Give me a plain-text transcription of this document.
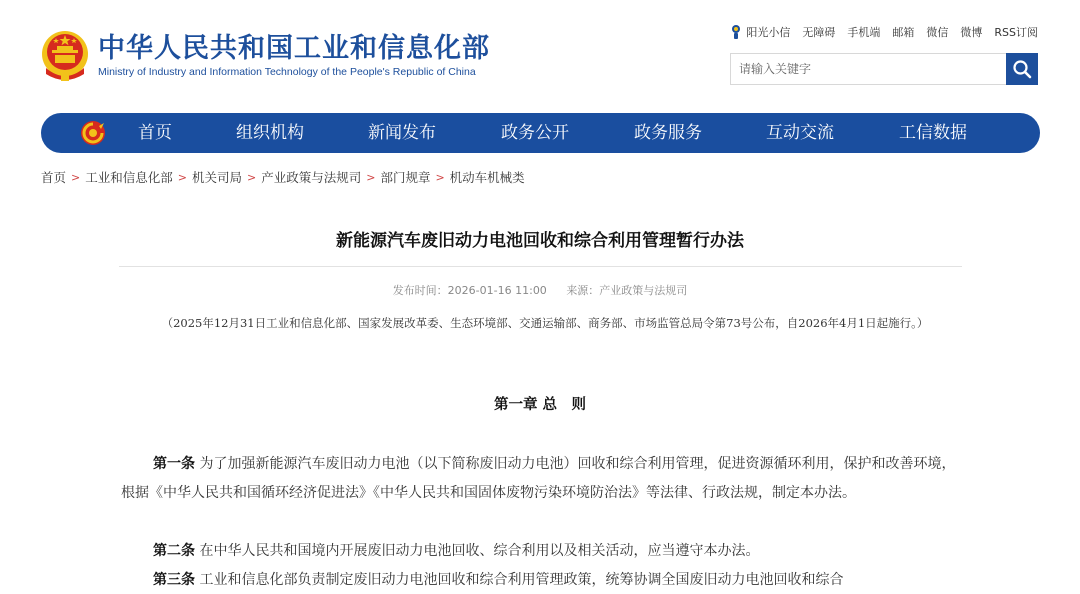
中华人民共和国工业和信息化部
Ministry of Industry and Information Technology of the People's Republic of China
阳光小信 无障碍 手机端 邮箱 微信 微博 RSS订阅
请输入关键字
首页	组织机构	新闻发布	政务公开	政务服务	互动交流	工信数据
首页 > 工业和信息化部 > 机关司局 > 产业政策与法规司 > 部门规章 > 机动车机械类
新能源汽车废旧动力电池回收和综合利用管理暂行办法
发布时间：2026-01-16 11:00 来源：产业政策与法规司
（2025年12月31日工业和信息化部、国家发展改革委、生态环境部、交通运输部、商务部、市场监管总局令第73号公布，自2026年4月1日起施行。）
第一章 总　则
第一条 为了加强新能源汽车废旧动力电池（以下简称废旧动力电池）回收和综合利用管理，促进资源循环利用，保护和改善环境，根据《中华人民共和国循环经济促进法》《中华人民共和国固体废物污染环境防治法》等法律、行政法规，制定本办法。
第二条 在中华人民共和国境内开展废旧动力电池回收、综合利用以及相关活动，应当遵守本办法。
第三条 工业和信息化部负责制定废旧动力电池回收和综合利用管理政策，统筹协调全国废旧动力电池回收和综合
